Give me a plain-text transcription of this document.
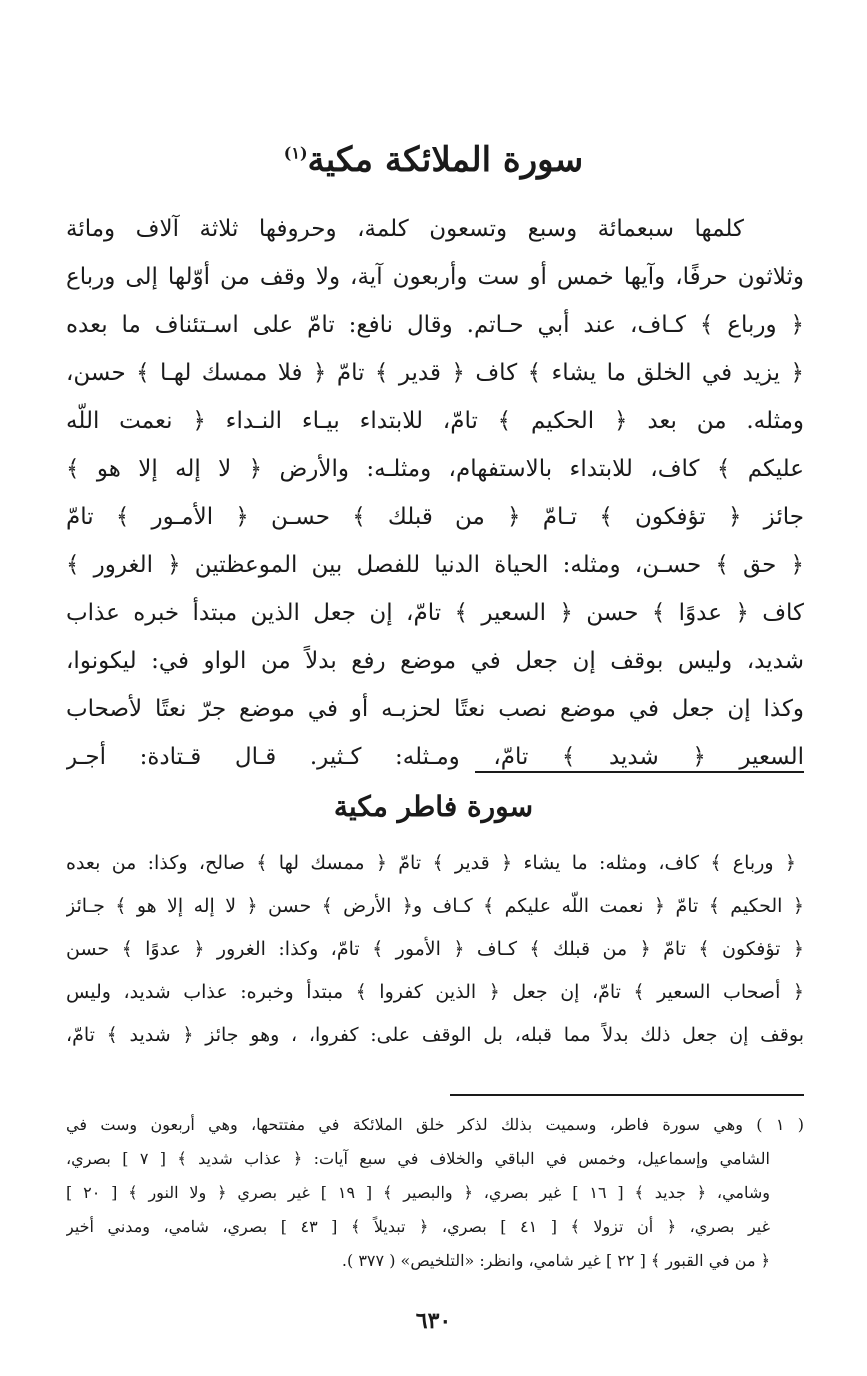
سورة الملائكة مكية$^{(١)}$
كلمها سبعمائة وسبع وتسعون كلمة، وحروفها ثلاثة آلاف ومائة
وثلاثون حرفًا، وآيها خمس أو ست وأربعون آية، ولا وقف من أوّلها إلى ورباع
﴿ ورباع ﴾ كـاف، عند أبي حـاتم. وقال نافع: تامّ على اسـتئناف ما بعده
﴿ يزيد في الخلق ما يشاء ﴾ كاف ﴿ قدير ﴾ تامّ ﴿ فلا ممسك لهـا ﴾ حسن،
ومثله. من بعد ﴿ الحكيم ﴾ تامّ، للابتداء بيـاء النـداء ﴿ نعمت اللّه
عليكم ﴾ كاف، للابتداء بالاستفهام، ومثلـه: والأرض ﴿ لا إله إلا هو ﴾
جائز ﴿ تؤفكون ﴾ تـامّ ﴿ من قبلك ﴾ حسـن ﴿ الأمـور ﴾ تامّ
﴿ حق ﴾ حسـن، ومثله: الحياة الدنيا للفصل بين الموعظتين ﴿ الغرور ﴾
كاف ﴿ عدوًا ﴾ حسن ﴿ السعير ﴾ تامّ، إن جعل الذين مبتدأ خبره عذاب
شديد، وليس بوقف إن جعل في موضع رفع بدلاً من الواو في: ليكونوا،
وكذا إن جعل في موضع نصب نعتًا لحزبـه أو في موضع جرّ نعتًا لأصحاب
السعير ﴿ شديد ﴾ تامّ، ومـثله: كـثير. قـال قـتادة: أجـر
سورة فاطر مكية
﴿ ورباع ﴾ كاف، ومثله: ما يشاء ﴿ قدير ﴾ تامّ ﴿ ممسك لها ﴾ صالح، وكذا: من بعده
﴿ الحكيم ﴾ تامّ ﴿ نعمت اللّه عليكم ﴾ كـاف و﴿ الأرض ﴾ حسن ﴿ لا إله إلا هو ﴾ جـائز
﴿ تؤفكون ﴾ تامّ ﴿ من قبلك ﴾ كـاف ﴿ الأمور ﴾ تامّ، وكذا: الغرور ﴿ عدوًا ﴾ حسن
﴿ أصحاب السعير ﴾ تامّ، إن جعل ﴿ الذين كفروا ﴾ مبتدأ وخبره: عذاب شديد، وليس
بوقف إن جعل ذلك بدلاً مما قبله، بل الوقف على: كفروا، ، وهو جائز ﴿ شديد ﴾ تامّ،
( ١ ) وهي سورة فاطر، وسميت بذلك لذكر خلق الملائكة في مفتتحها، وهي أربعون وست في
الشامي وإسماعيل، وخمس في الباقي والخلاف في سبع آيات: ﴿ عذاب شديد ﴾ [ ٧ ] بصري،
وشامي، ﴿ جديد ﴾ [ ١٦ ] غير بصري، ﴿ والبصير ﴾ [ ١٩ ] غير بصري ﴿ ولا النور ﴾ [ ٢٠ ]
غير بصري، ﴿ أن تزولا ﴾ [ ٤١ ] بصري، ﴿ تبديلاً ﴾ [ ٤٣ ] بصري، شامي، ومدني أخير
﴿ من في القبور ﴾ [ ٢٢ ] غير شامي، وانظر: «التلخيص» ( ٣٧٧ ).
٦٣٠
